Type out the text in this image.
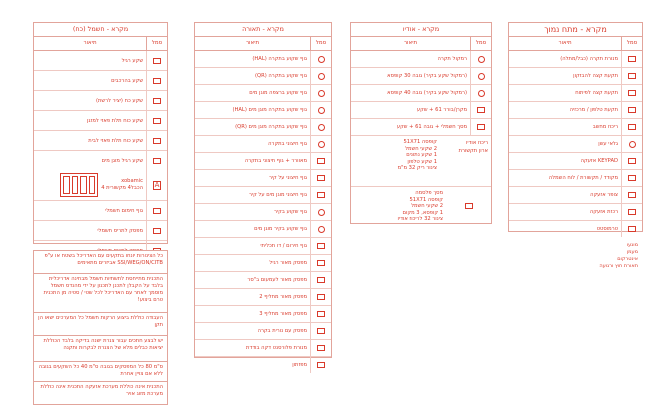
מקרא - מתח נמוך
סמל
תיאור
מנורת תקרה (כבל/מתלה)
תקעת קצה להבזקון
תקעת קצה לפיתוח
תקעת טלפון / מרכזיה
ריכוז מחשב
גלאי עשן
KEYPAD אזעקה
מקודד / תקשורת / לוח השמלה
צופר אזעקה
רכזת אזעקה
טרמוסטט
מקרא - אודיו
סמל
תיאור
רמקול תקרה
(רמקול שקע בקיר) גובה 30 קופסא
(רמקול שקע בקיר) גובה 40 קופסא
מקרן/בורר 61 + שקע
מסך חשמלי + גובה 61 + שקע
ריכוז אודיו
ארון תקשורת
קופסה 51X71
2 שקעי חשמל
1 שקע נתונים
1 שקע טלפון
צינור ריק 32 מ"מ
מסך פלסמה
קופסה 51X71
2 שקעי חשמל
1 קופסא, 3 מקום
צינור 32 לריכוז אודיו
מקרא - תאורה
סמל
תיאור
גוף שקוע בתקרה (HAL)
גוף שקוע בתקרה (QR)
גוף שקוע ברצפה מוגן מים
גוף שקוע בתקרה מוגן מים (HAL)
גוף שקוע בתקרה מוגן מים (QR)
גוף חיצוני בתקרה
מאוורר + גוף חיצוני בתקרה
גוף חיצוני על קיר
גוף חיצוני מוגן מים על קיר
גוף שקוע בקיר
גוף שקוע בקיר מוגן מים
גוף חירום / דו תכליתי
מפסק מאור רגיל
מפסק מאור לעמעום ב"סר
מפסק מאור מחליף 2
מפסק מאור מחליף 3
מפסק עם נורית בקרה
מנורת פלורסנט דקה בודדת
מפזתון
מקרא - חשמל (כח)
סמל
תיאור
שקע רגיל
שקע בהרכבים
שקע כח (יציר לרשת)
שקע כוח תלת פאזי למזגן
שקע כוח תלת פאזי לבית
שקע רגיל מוגן מים
A
xobamic
הכבל4 מקשורית 4
גוף חימום חשמלי
מפסק לתריס חשמלי
כל הצינורות יונחו בתקעים עם האדריכל בשטח או ע"פ SSI/WEG/ON/CITB אביזרים מתאימים
התכנית מתייחסת לתשתיות חשמל מבחינה אדריכלית בלבד על הקבלן לתכנן לתכנון על ידי מהנדס חשמל מוסמך לאחר עם האדריכל לכל שטי / סטיה מן התכנית טרם ביצוע!
העבודה כוללת ביצוע הרקות חשמל כל המערכים ישאו הן תקן
יש לבצע חתכים עבור צנרת ישנה בדיקה בלבד הכוללת יציאות כבלים מלא של הצנרת לבקרות ותקנה
ס"מ 80 כל המפסקים בגובה ס"מ 40 כל השקעים בגובה ללא אם צויין אחרת
התכנית אינה כוללת מערכת אזעקה התכנית אינה כוללת מערכת מזוג אויר
מונעו
מעמן
אינטרקום
תאורת חוץ ורגועה
